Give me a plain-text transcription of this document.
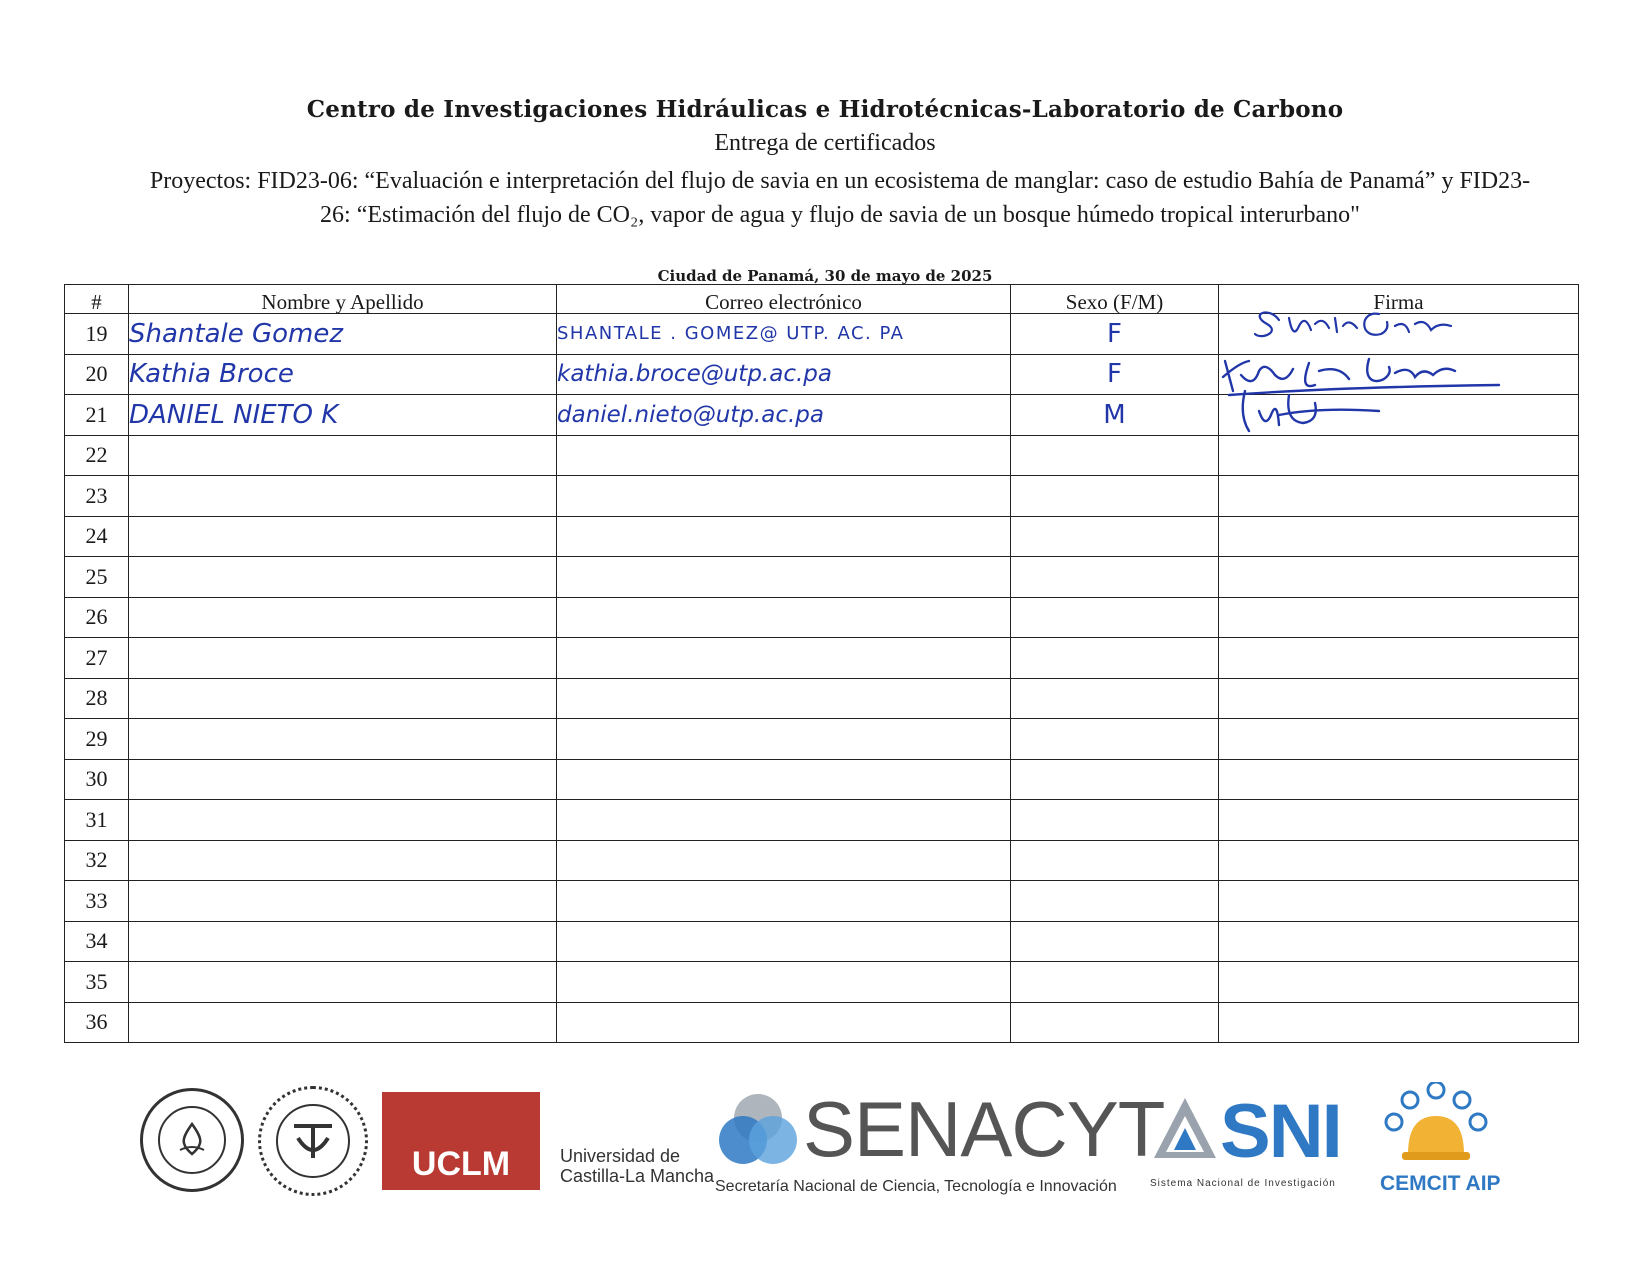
Centro de Investigaciones Hidráulicas e Hidrotécnicas-Laboratorio de Carbono
Entrega de certificados
Proyectos: FID23-06: “Evaluación e interpretación del flujo de savia en un ecosistema de manglar: caso de estudio Bahía de Panamá” y FID23-26: “Estimación del flujo de CO₂, vapor de agua y flujo de savia de un bosque húmedo tropical interurbano"
Ciudad de Panamá, 30 de mayo de 2025
#	Nombre y Apellido	Correo electrónico	Sexo (F/M)	Firma
19	Shantale Gomez	SHANTALE . GOMEZ@ UTP. AC. PA	F	

20	Kathia Broce	kathia.broce@utp.ac.pa	F	

21	DANIEL NIETO K	daniel.nieto@utp.ac.pa	M	

22				

23				

24				

25				

26				

27				

28				

29				

30				

31				

32				

33				

34				

35				

36				
UCLM	Universidad de Castilla-La Mancha
SENACYT
Secretaría Nacional de Ciencia, Tecnología e Innovación
SNI
Sistema Nacional de Investigación CEMCIT AIP
